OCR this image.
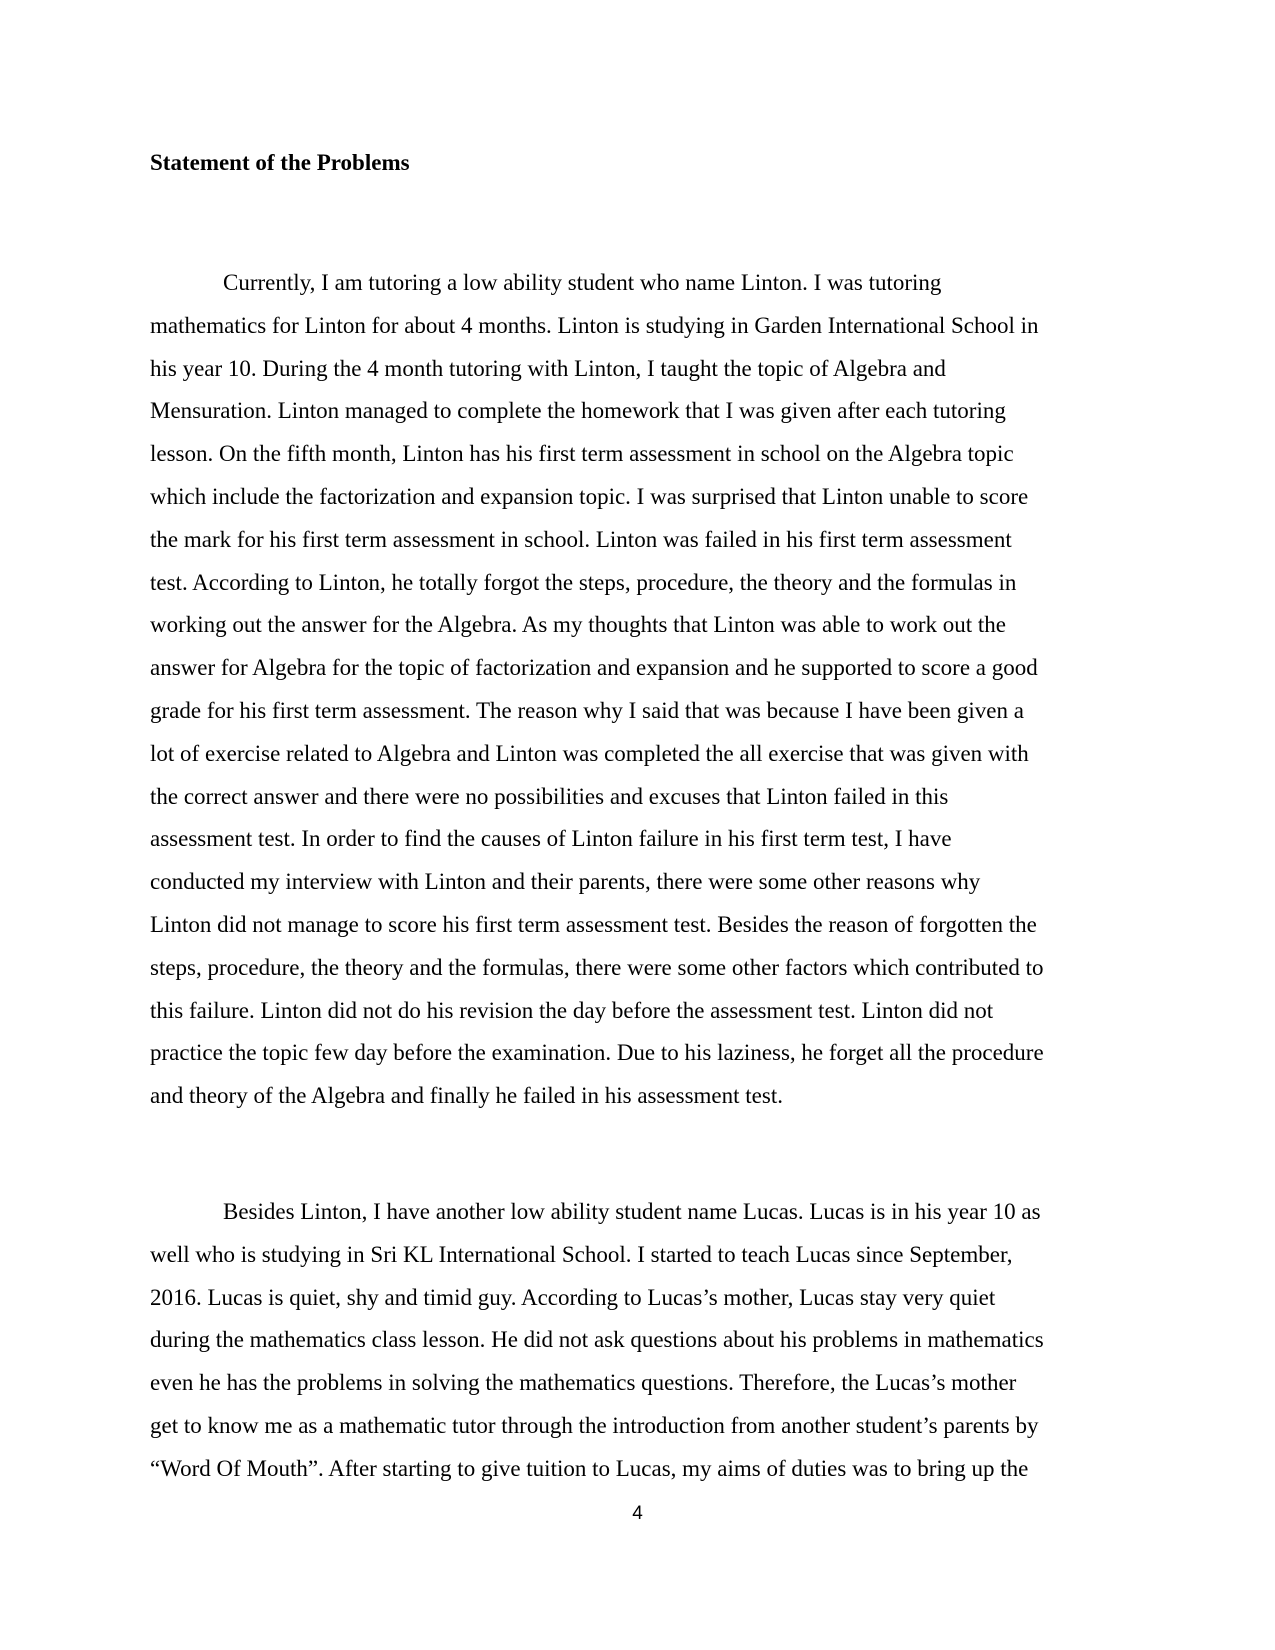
Statement of the Problems
Currently, I am tutoring a low ability student who name Linton. I was tutoring
mathematics for Linton for about 4 months. Linton is studying in Garden International School in
his year 10. During the 4 month tutoring with Linton, I taught the topic of Algebra and
Mensuration. Linton managed to complete the homework that I was given after each tutoring
lesson. On the fifth month, Linton has his first term assessment in school on the Algebra topic
which include the factorization and expansion topic. I was surprised that Linton unable to score
the mark for his first term assessment in school. Linton was failed in his first term assessment
test. According to Linton, he totally forgot the steps, procedure, the theory and the formulas in
working out the answer for the Algebra. As my thoughts that Linton was able to work out the
answer for Algebra for the topic of factorization and expansion and he supported to score a good
grade for his first term assessment. The reason why I said that was because I have been given a
lot of exercise related to Algebra and Linton was completed the all exercise that was given with
the correct answer and there were no possibilities and excuses that Linton failed in this
assessment test. In order to find the causes of Linton failure in his first term test, I have
conducted my interview with Linton and their parents, there were some other reasons why
Linton did not manage to score his first term assessment test. Besides the reason of forgotten the
steps, procedure, the theory and the formulas, there were some other factors which contributed to
this failure. Linton did not do his revision the day before the assessment test. Linton did not
practice the topic few day before the examination. Due to his laziness, he forget all the procedure
and theory of the Algebra and finally he failed in his assessment test.
Besides Linton, I have another low ability student name Lucas. Lucas is in his year 10 as
well who is studying in Sri KL International School. I started to teach Lucas since September,
2016. Lucas is quiet, shy and timid guy. According to Lucas’s mother, Lucas stay very quiet
during the mathematics class lesson. He did not ask questions about his problems in mathematics
even he has the problems in solving the mathematics questions. Therefore, the Lucas’s mother
get to know me as a mathematic tutor through the introduction from another student’s parents by
“Word Of Mouth”. After starting to give tuition to Lucas, my aims of duties was to bring up the

4
